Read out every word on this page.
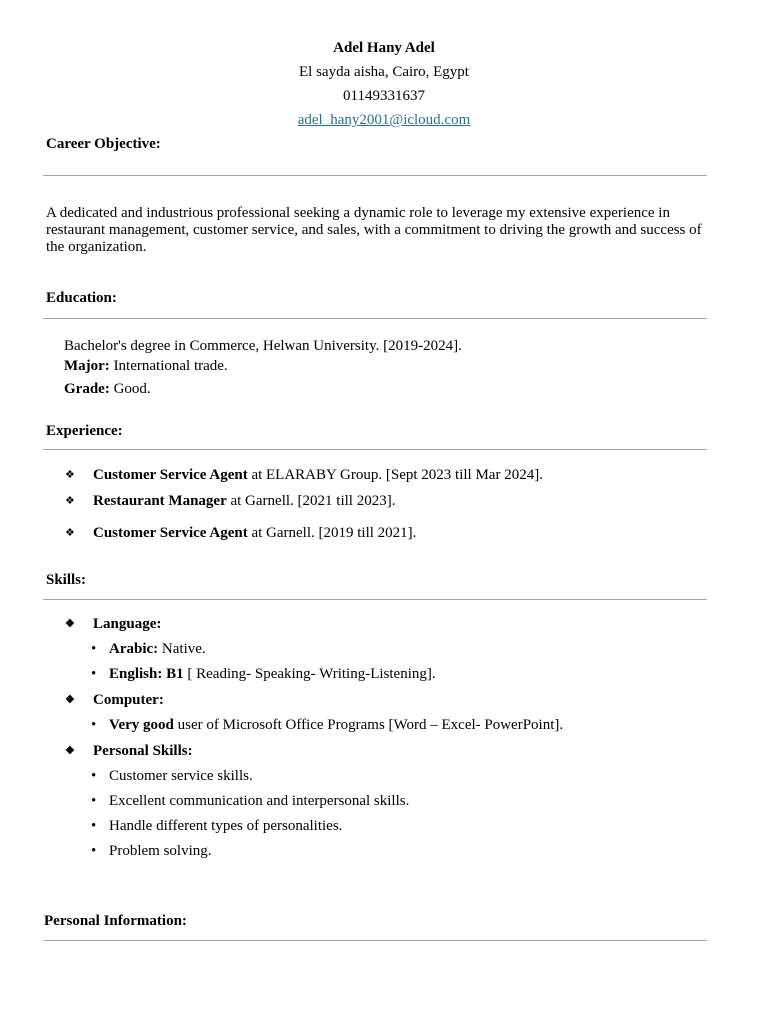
Adel Hany Adel
El sayda aisha, Cairo, Egypt
01149331637
adel_hany2001@icloud.com
Career Objective:
A dedicated and industrious professional seeking a dynamic role to leverage my extensive experience in restaurant management, customer service, and sales, with a commitment to driving the growth and success of the organization.
Education:
Bachelor's degree in Commerce, Helwan University. [2019-2024].
Major: International trade.
Grade: Good.
Experience:
❖ Customer Service Agent at ELARABY Group. [Sept 2023 till Mar 2024].
❖ Restaurant Manager at Garnell. [2021 till 2023].
❖ Customer Service Agent at Garnell. [2019 till 2021].
Skills:
❖ Language:
• Arabic: Native.
• English: B1 [ Reading- Speaking- Writing-Listening].
❖ Computer:
• Very good user of Microsoft Office Programs [Word – Excel- PowerPoint].
❖ Personal Skills:
• Customer service skills.
• Excellent communication and interpersonal skills.
• Handle different types of personalities.
• Problem solving.
Personal Information:
